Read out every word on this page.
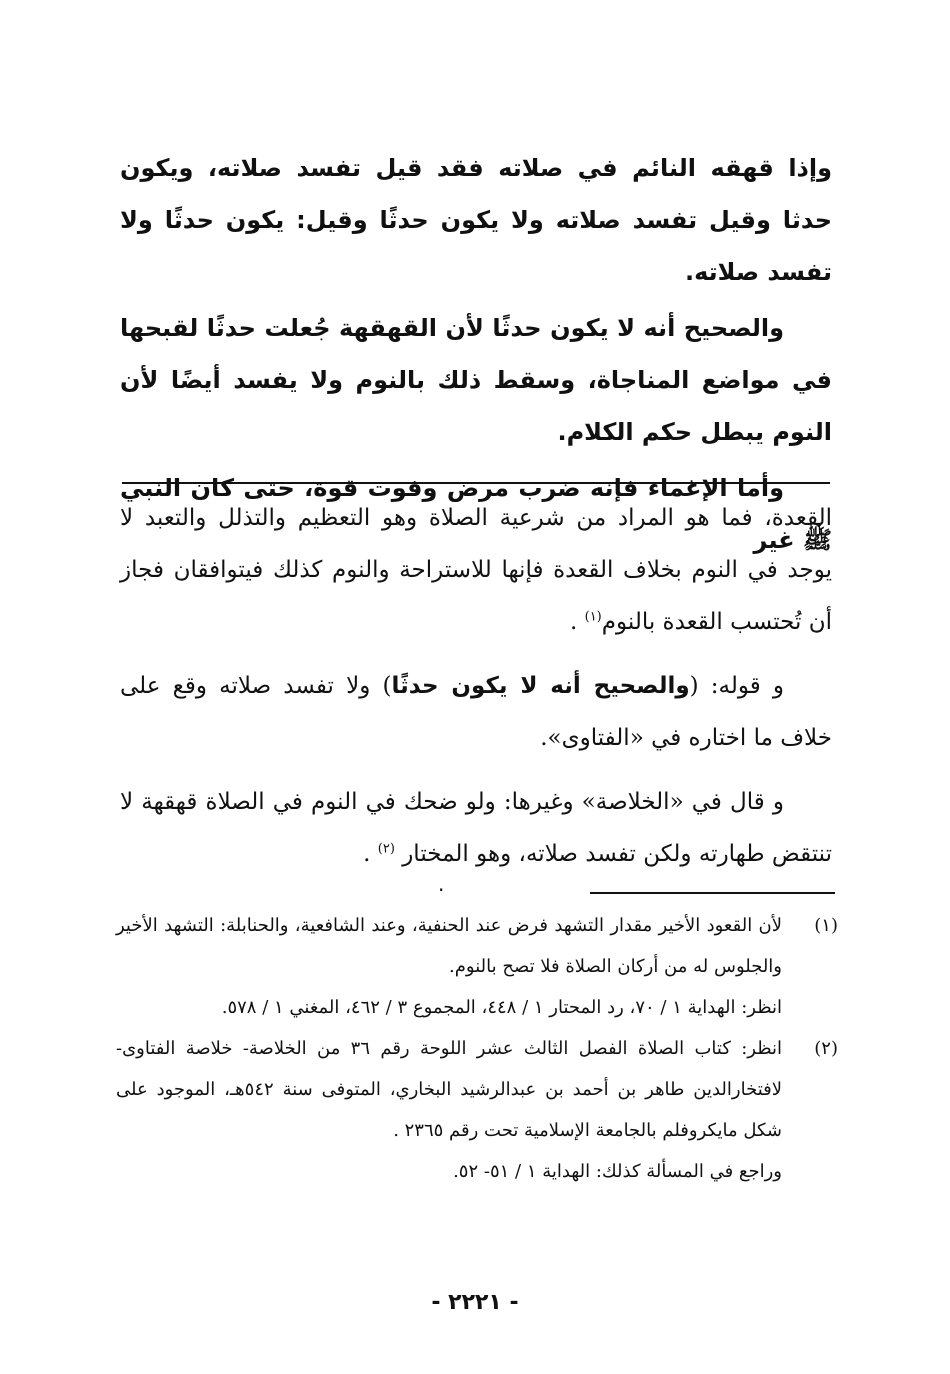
وإذا قهقه النائم في صلاته فقد قيل تفسد صلاته، ويكون حدثا وقيل تفسد صلاته ولا يكون حدثًا وقيل: يكون حدثًا ولا تفسد صلاته.

والصحيح أنه لا يكون حدثًا لأن القهقهة جُعلت حدثًا لقبحها في مواضع المناجاة، وسقط ذلك بالنوم ولا يفسد أيضًا لأن النوم يبطل حكم الكلام.

وأما الإغماء فإنه ضرب مرض وفوت قوة، حتى كان النبي ﷺ غير

القعدة، فما هو المراد من شرعية الصلاة وهو التعظيم والتذلل والتعبد لا يوجد في النوم بخلاف القعدة فإنها للاستراحة والنوم كذلك فيتوافقان فجاز أن تُحتسب القعدة بالنوم$^{(١)}$ .

و قوله: (والصحيح أنه لا يكون حدثًا) ولا تفسد صلاته وقع على خلاف ما اختاره في «الفتاوى».

و قال في «الخلاصة» وغيرها: ولو ضحك في النوم في الصلاة قهقهة لا تنتقض طهارته ولكن تفسد صلاته، وهو المختار $^{(٢)}$ .

.
(١)

لأن القعود الأخير مقدار التشهد فرض عند الحنفية، وعند الشافعية، والحنابلة: التشهد الأخير والجلوس له من أركان الصلاة فلا تصح بالنوم.

انظر: الهداية ١ / ٧٠، رد المحتار ١ / ٤٤٨، المجموع ٣ / ٤٦٢، المغني ١ / ٥٧٨.

(٢)

انظر: كتاب الصلاة الفصل الثالث عشر اللوحة رقم ٣٦ من الخلاصة- خلاصة الفتاوى- لافتخارالدين طاهر بن أحمد بن عبدالرشيد البخاري، المتوفى سنة ٥٤٢هـ، الموجود على شكل مايكروفلم بالجامعة الإسلامية تحت رقم ٢٣٦٥ .

وراجع في المسألة كذلك: الهداية ١ / ٥١- ٥٢.

- ٢٢٢١ -
